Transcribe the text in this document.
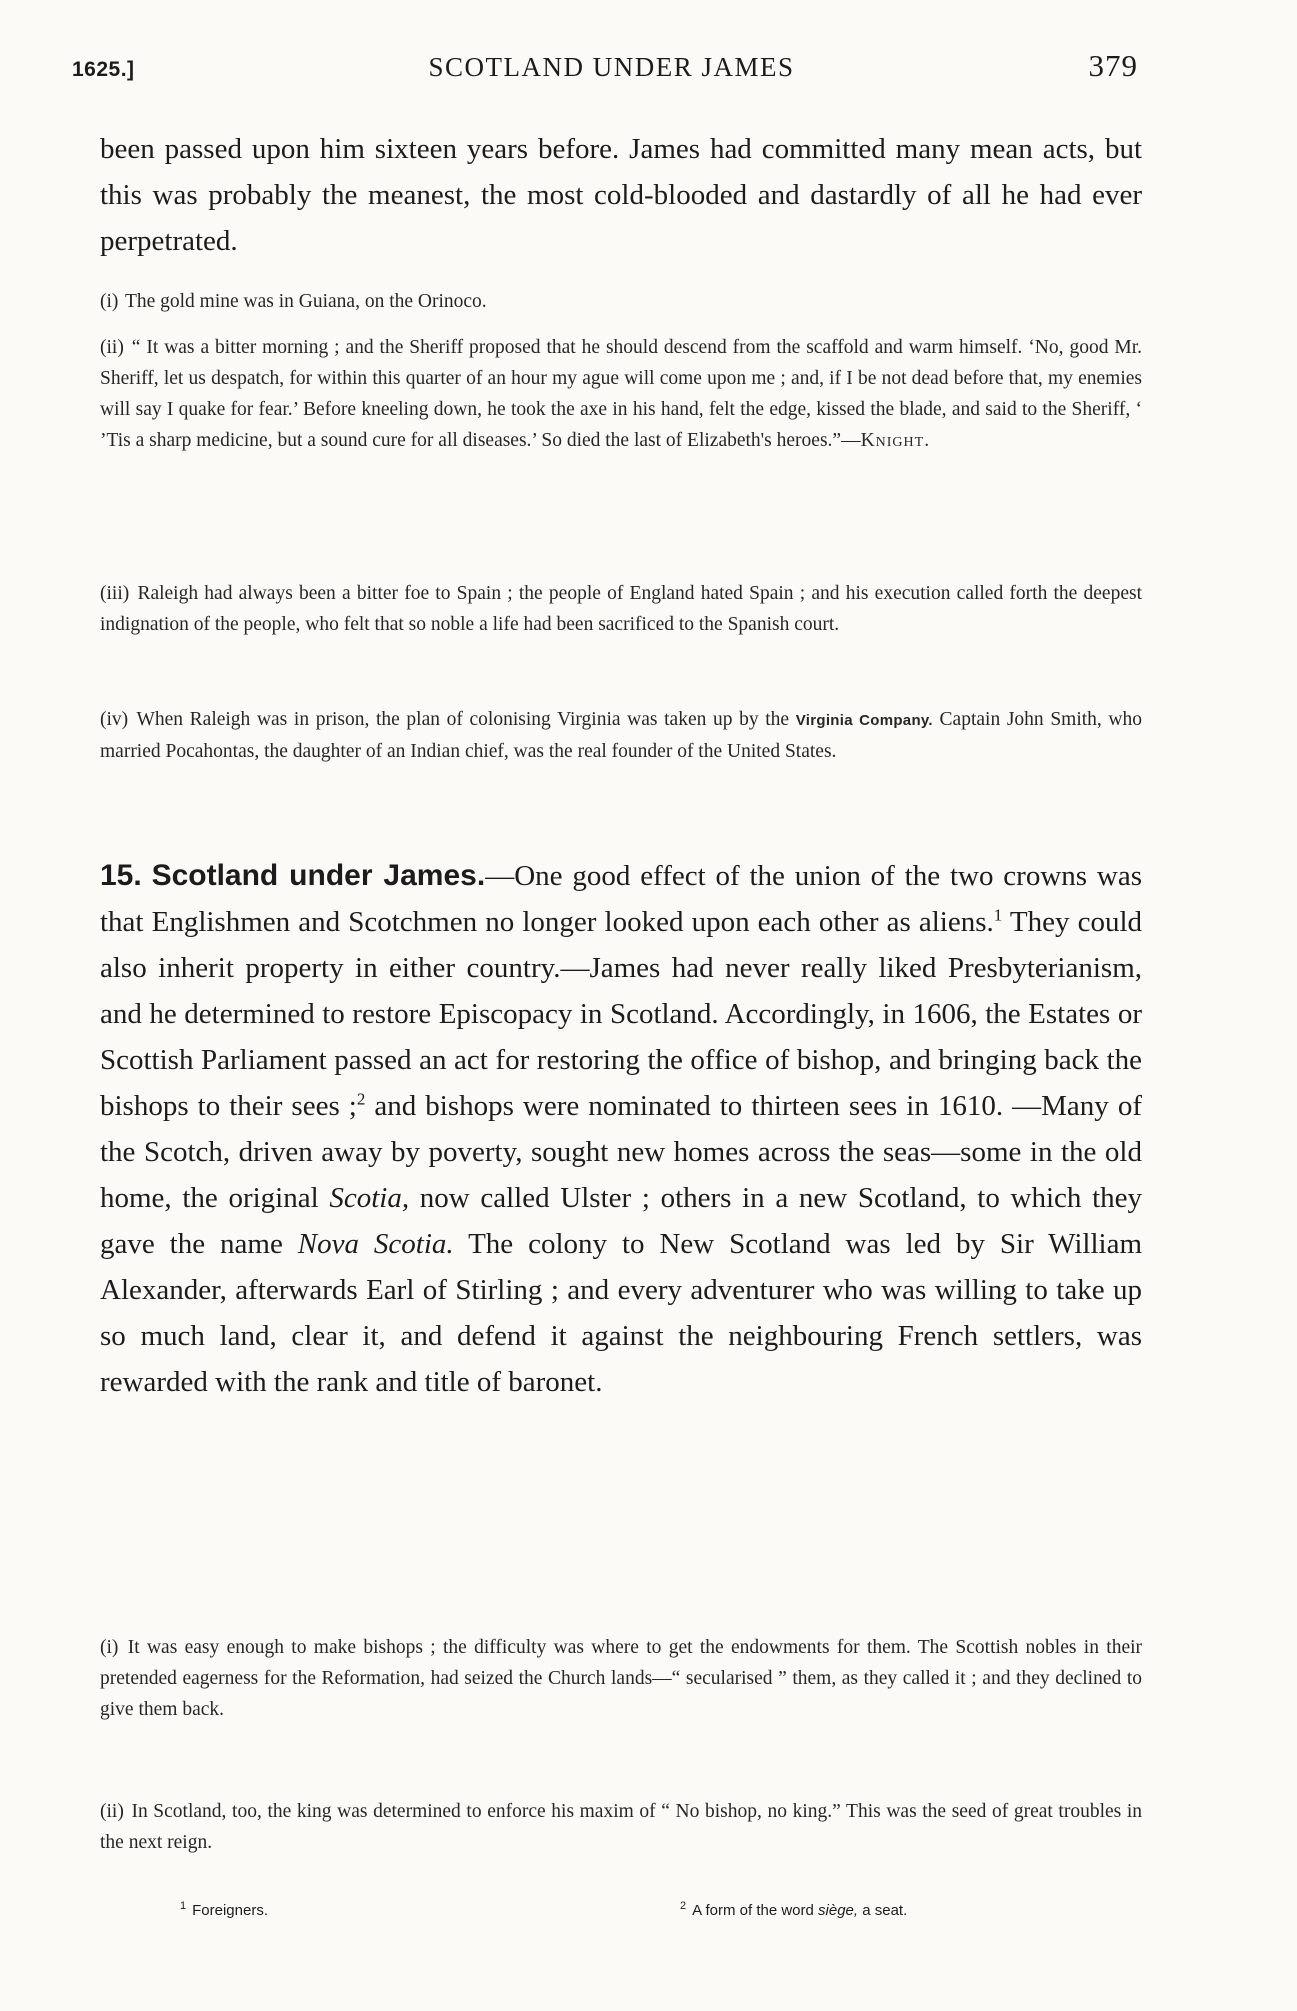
1625.]	SCOTLAND UNDER JAMES	379
been passed upon him sixteen years before. James had committed many mean acts, but this was probably the meanest, the most cold-blooded and dastardly of all he had ever perpetrated.
(i) The gold mine was in Guiana, on the Orinoco.
(ii) “ It was a bitter morning ; and the Sheriff proposed that he should descend from the scaffold and warm himself. ‘No, good Mr. Sheriff, let us despatch, for within this quarter of an hour my ague will come upon me ; and, if I be not dead before that, my enemies will say I quake for fear.’ Before kneeling down, he took the axe in his hand, felt the edge, kissed the blade, and said to the Sheriff, ‘ ’Tis a sharp medicine, but a sound cure for all diseases.’ So died the last of Elizabeth's heroes.”—Knight.
(iii) Raleigh had always been a bitter foe to Spain ; the people of England hated Spain ; and his execution called forth the deepest indignation of the people, who felt that so noble a life had been sacrificed to the Spanish court.
(iv) When Raleigh was in prison, the plan of colonising Virginia was taken up by the Virginia Company. Captain John Smith, who married Pocahontas, the daughter of an Indian chief, was the real founder of the United States.
15. Scotland under James.—One good effect of the union of the two crowns was that Englishmen and Scotchmen no longer looked upon each other as aliens.$^1$ They could also inherit property in either country.—James had never really liked Presbyterianism, and he determined to restore Episcopacy in Scotland. Accordingly, in 1606, the Estates or Scottish Parliament passed an act for restoring the office of bishop, and bringing back the bishops to their sees ;$^2$ and bishops were nominated to thirteen sees in 1610. —Many of the Scotch, driven away by poverty, sought new homes across the seas—some in the old home, the original Scotia, now called Ulster ; others in a new Scotland, to which they gave the name Nova Scotia. The colony to New Scotland was led by Sir William Alexander, afterwards Earl of Stirling ; and every adventurer who was willing to take up so much land, clear it, and defend it against the neighbouring French settlers, was rewarded with the rank and title of baronet.
(i) It was easy enough to make bishops ; the difficulty was where to get the endowments for them. The Scottish nobles in their pretended eagerness for the Reformation, had seized the Church lands—“ secularised ” them, as they called it ; and they declined to give them back.
(ii) In Scotland, too, the king was determined to enforce his maxim of “ No bishop, no king.” This was the seed of great troubles in the next reign.
$^1$ Foreigners.	$^2$ A form of the word siège, a seat.
